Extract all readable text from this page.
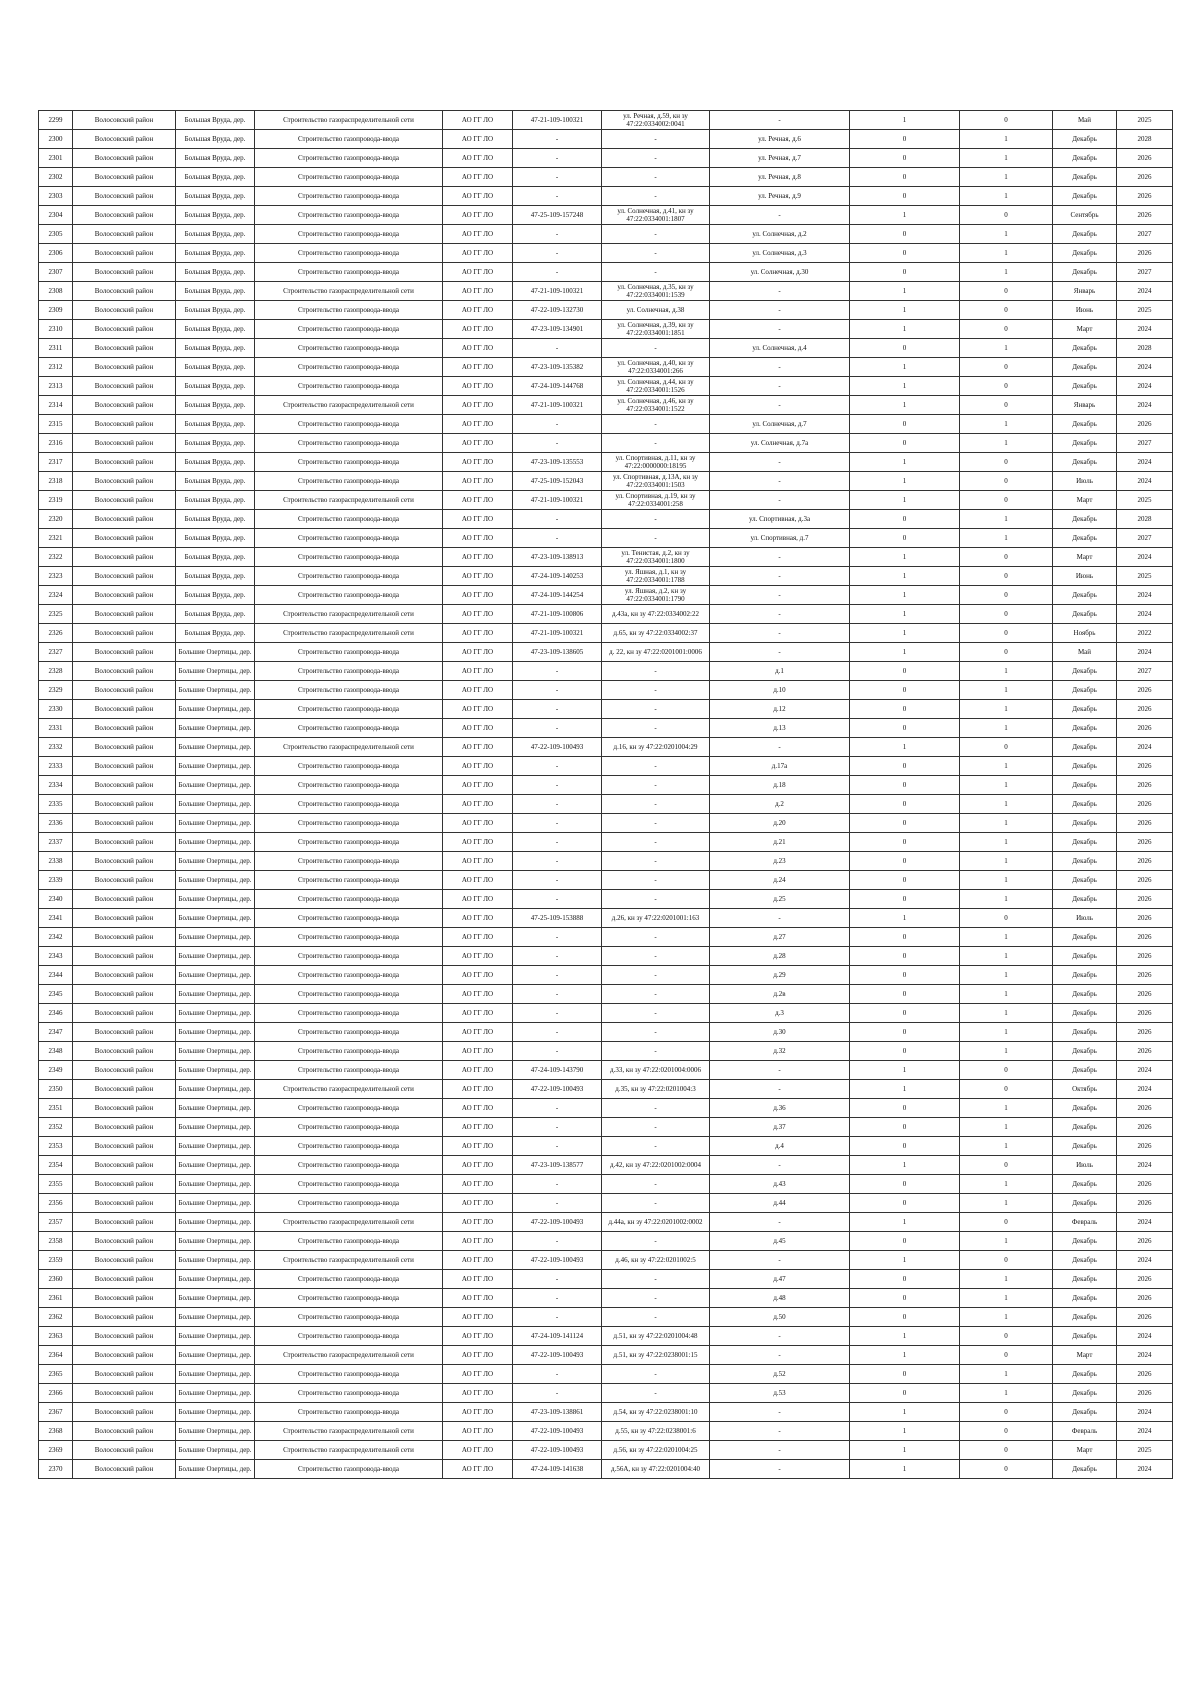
2299	Волосовский район	Большая Вруда, дер.	Строительство газораспределительной сети	АО ГГ ЛО	47-21-109-100321	ул. Речная, д.59, кн зу 47:22:0334002:0041	-	1	0	Май	2025
2300	Волосовский район	Большая Вруда, дер.	Строительство газопровода-ввода	АО ГГ ЛО	-	-	ул. Речная, д.6	0	1	Декабрь	2028
2301	Волосовский район	Большая Вруда, дер.	Строительство газопровода-ввода	АО ГГ ЛО	-	-	ул. Речная, д.7	0	1	Декабрь	2026
2302	Волосовский район	Большая Вруда, дер.	Строительство газопровода-ввода	АО ГГ ЛО	-	-	ул. Речная, д.8	0	1	Декабрь	2026
2303	Волосовский район	Большая Вруда, дер.	Строительство газопровода-ввода	АО ГГ ЛО	-	-	ул. Речная, д.9	0	1	Декабрь	2026
2304	Волосовский район	Большая Вруда, дер.	Строительство газопровода-ввода	АО ГГ ЛО	47-25-109-157248	ул. Солнечная, д.41, кн зу 47:22:0334001:1807	-	1	0	Сентябрь	2026
2305	Волосовский район	Большая Вруда, дер.	Строительство газопровода-ввода	АО ГГ ЛО	-	-	ул. Солнечная, д.2	0	1	Декабрь	2027
2306	Волосовский район	Большая Вруда, дер.	Строительство газопровода-ввода	АО ГГ ЛО	-	-	ул. Солнечная, д.3	0	1	Декабрь	2026
2307	Волосовский район	Большая Вруда, дер.	Строительство газопровода-ввода	АО ГГ ЛО	-	-	ул. Солнечная, д.30	0	1	Декабрь	2027
2308	Волосовский район	Большая Вруда, дер.	Строительство газораспределительной сети	АО ГГ ЛО	47-21-109-100321	ул. Солнечная, д.35, кн зу 47:22:0334001:1539	-	1	0	Январь	2024
2309	Волосовский район	Большая Вруда, дер.	Строительство газопровода-ввода	АО ГГ ЛО	47-22-109-132730	ул. Солнечная, д.38	-	1	0	Июнь	2025
2310	Волосовский район	Большая Вруда, дер.	Строительство газопровода-ввода	АО ГГ ЛО	47-23-109-134901	ул. Солнечная, д.39, кн зу 47:22:0334001:1851	-	1	0	Март	2024
2311	Волосовский район	Большая Вруда, дер.	Строительство газопровода-ввода	АО ГГ ЛО	-	-	ул. Солнечная, д.4	0	1	Декабрь	2028
2312	Волосовский район	Большая Вруда, дер.	Строительство газопровода-ввода	АО ГГ ЛО	47-23-109-135382	ул. Солнечная, д.40, кн зу 47:22:0334001:266	-	1	0	Декабрь	2024
2313	Волосовский район	Большая Вруда, дер.	Строительство газопровода-ввода	АО ГГ ЛО	47-24-109-144768	ул. Солнечная, д.44, кн зу 47:22:0334001:1526	-	1	0	Декабрь	2024
2314	Волосовский район	Большая Вруда, дер.	Строительство газораспределительной сети	АО ГГ ЛО	47-21-109-100321	ул. Солнечная, д.46, кн зу 47:22:0334001:1522	-	1	0	Январь	2024
2315	Волосовский район	Большая Вруда, дер.	Строительство газопровода-ввода	АО ГГ ЛО	-	-	ул. Солнечная, д.7	0	1	Декабрь	2026
2316	Волосовский район	Большая Вруда, дер.	Строительство газопровода-ввода	АО ГГ ЛО	-	-	ул. Солнечная, д.7а	0	1	Декабрь	2027
2317	Волосовский район	Большая Вруда, дер.	Строительство газопровода-ввода	АО ГГ ЛО	47-23-109-135553	ул. Спортивная, д.11, кн зу 47:22:0000000:18195	-	1	0	Декабрь	2024
2318	Волосовский район	Большая Вруда, дер.	Строительство газопровода-ввода	АО ГГ ЛО	47-25-109-152043	ул. Спортивная, д.13А, кн зу 47:22:0334001:1503	-	1	0	Июль	2024
2319	Волосовский район	Большая Вруда, дер.	Строительство газораспределительной сети	АО ГГ ЛО	47-21-109-100321	ул. Спортивная, д.19, кн зу 47:22:0334001:258	-	1	0	Март	2025
2320	Волосовский район	Большая Вруда, дер.	Строительство газопровода-ввода	АО ГГ ЛО	-	-	ул. Спортивная, д.3а	0	1	Декабрь	2028
2321	Волосовский район	Большая Вруда, дер.	Строительство газопровода-ввода	АО ГГ ЛО	-	-	ул. Спортивная, д.7	0	1	Декабрь	2027
2322	Волосовский район	Большая Вруда, дер.	Строительство газопровода-ввода	АО ГГ ЛО	47-23-109-138913	ул. Тенистая, д.2, кн зу 47:22:0334001:1800	-	1	0	Март	2024
2323	Волосовский район	Большая Вруда, дер.	Строительство газопровода-ввода	АО ГГ ЛО	47-24-109-140253	ул. Яшная, д.1, кн зу 47:22:0334001:1788	-	1	0	Июнь	2025
2324	Волосовский район	Большая Вруда, дер.	Строительство газопровода-ввода	АО ГГ ЛО	47-24-109-144254	ул. Яшная, д.2, кн зу 47:22:0334001:1790	-	1	0	Декабрь	2024
2325	Волосовский район	Большая Вруда, дер.	Строительство газораспределительной сети	АО ГГ ЛО	47-21-109-100806	д.43а, кн зу 47:22:0334002:22	-	1	0	Декабрь	2024
2326	Волосовский район	Большая Вруда, дер.	Строительство газораспределительной сети	АО ГГ ЛО	47-21-109-100321	д.65, кн зу 47:22:0334002:37	-	1	0	Ноябрь	2022
2327	Волосовский район	Большие Озертицы, дер.	Строительство газопровода-ввода	АО ГГ ЛО	47-23-109-138605	д. 22, кн зу 47:22:0201001:0006	-	1	0	Май	2024
2328	Волосовский район	Большие Озертицы, дер.	Строительство газопровода-ввода	АО ГГ ЛО	-	-	д.1	0	1	Декабрь	2027
2329	Волосовский район	Большие Озертицы, дер.	Строительство газопровода-ввода	АО ГГ ЛО	-	-	д.10	0	1	Декабрь	2026
2330	Волосовский район	Большие Озертицы, дер.	Строительство газопровода-ввода	АО ГГ ЛО	-	-	д.12	0	1	Декабрь	2026
2331	Волосовский район	Большие Озертицы, дер.	Строительство газопровода-ввода	АО ГГ ЛО	-	-	д.13	0	1	Декабрь	2026
2332	Волосовский район	Большие Озертицы, дер.	Строительство газораспределительной сети	АО ГГ ЛО	47-22-109-100493	д.16, кн зу 47:22:0201004:29	-	1	0	Декабрь	2024
2333	Волосовский район	Большие Озертицы, дер.	Строительство газопровода-ввода	АО ГГ ЛО	-	-	д.17а	0	1	Декабрь	2026
2334	Волосовский район	Большие Озертицы, дер.	Строительство газопровода-ввода	АО ГГ ЛО	-	-	д.18	0	1	Декабрь	2026
2335	Волосовский район	Большие Озертицы, дер.	Строительство газопровода-ввода	АО ГГ ЛО	-	-	д.2	0	1	Декабрь	2026
2336	Волосовский район	Большие Озертицы, дер.	Строительство газопровода-ввода	АО ГГ ЛО	-	-	д.20	0	1	Декабрь	2026
2337	Волосовский район	Большие Озертицы, дер.	Строительство газопровода-ввода	АО ГГ ЛО	-	-	д.21	0	1	Декабрь	2026
2338	Волосовский район	Большие Озертицы, дер.	Строительство газопровода-ввода	АО ГГ ЛО	-	-	д.23	0	1	Декабрь	2026
2339	Волосовский район	Большие Озертицы, дер.	Строительство газопровода-ввода	АО ГГ ЛО	-	-	д.24	0	1	Декабрь	2026
2340	Волосовский район	Большие Озертицы, дер.	Строительство газопровода-ввода	АО ГГ ЛО	-	-	д.25	0	1	Декабрь	2026
2341	Волосовский район	Большие Озертицы, дер.	Строительство газопровода-ввода	АО ГГ ЛО	47-25-109-153888	д.26, кн зу 47:22:0201001:163	-	1	0	Июль	2026
2342	Волосовский район	Большие Озертицы, дер.	Строительство газопровода-ввода	АО ГГ ЛО	-	-	д.27	0	1	Декабрь	2026
2343	Волосовский район	Большие Озертицы, дер.	Строительство газопровода-ввода	АО ГГ ЛО	-	-	д.28	0	1	Декабрь	2026
2344	Волосовский район	Большие Озертицы, дер.	Строительство газопровода-ввода	АО ГГ ЛО	-	-	д.29	0	1	Декабрь	2026
2345	Волосовский район	Большие Озертицы, дер.	Строительство газопровода-ввода	АО ГГ ЛО	-	-	д.2в	0	1	Декабрь	2026
2346	Волосовский район	Большие Озертицы, дер.	Строительство газопровода-ввода	АО ГГ ЛО	-	-	д.3	0	1	Декабрь	2026
2347	Волосовский район	Большие Озертицы, дер.	Строительство газопровода-ввода	АО ГГ ЛО	-	-	д.30	0	1	Декабрь	2026
2348	Волосовский район	Большие Озертицы, дер.	Строительство газопровода-ввода	АО ГГ ЛО	-	-	д.32	0	1	Декабрь	2026
2349	Волосовский район	Большие Озертицы, дер.	Строительство газопровода-ввода	АО ГГ ЛО	47-24-109-143790	д.33, кн зу 47:22:0201004:0006	-	1	0	Декабрь	2024
2350	Волосовский район	Большие Озертицы, дер.	Строительство газораспределительной сети	АО ГГ ЛО	47-22-109-100493	д.35, кн зу 47:22:0201004:3	-	1	0	Октябрь	2024
2351	Волосовский район	Большие Озертицы, дер.	Строительство газопровода-ввода	АО ГГ ЛО	-	-	д.36	0	1	Декабрь	2026
2352	Волосовский район	Большие Озертицы, дер.	Строительство газопровода-ввода	АО ГГ ЛО	-	-	д.37	0	1	Декабрь	2026
2353	Волосовский район	Большие Озертицы, дер.	Строительство газопровода-ввода	АО ГГ ЛО	-	-	д.4	0	1	Декабрь	2026
2354	Волосовский район	Большие Озертицы, дер.	Строительство газопровода-ввода	АО ГГ ЛО	47-23-109-138577	д.42, кн зу 47:22:0201002:0004	-	1	0	Июль	2024
2355	Волосовский район	Большие Озертицы, дер.	Строительство газопровода-ввода	АО ГГ ЛО	-	-	д.43	0	1	Декабрь	2026
2356	Волосовский район	Большие Озертицы, дер.	Строительство газопровода-ввода	АО ГГ ЛО	-	-	д.44	0	1	Декабрь	2026
2357	Волосовский район	Большие Озертицы, дер.	Строительство газораспределительной сети	АО ГГ ЛО	47-22-109-100493	д.44а, кн зу 47:22:0201002:0002	-	1	0	Февраль	2024
2358	Волосовский район	Большие Озертицы, дер.	Строительство газопровода-ввода	АО ГГ ЛО	-	-	д.45	0	1	Декабрь	2026
2359	Волосовский район	Большие Озертицы, дер.	Строительство газораспределительной сети	АО ГГ ЛО	47-22-109-100493	д.46, кн зу 47:22:0201002:5	-	1	0	Декабрь	2024
2360	Волосовский район	Большие Озертицы, дер.	Строительство газопровода-ввода	АО ГГ ЛО	-	-	д.47	0	1	Декабрь	2026
2361	Волосовский район	Большие Озертицы, дер.	Строительство газопровода-ввода	АО ГГ ЛО	-	-	д.48	0	1	Декабрь	2026
2362	Волосовский район	Большие Озертицы, дер.	Строительство газопровода-ввода	АО ГГ ЛО	-	-	д.50	0	1	Декабрь	2026
2363	Волосовский район	Большие Озертицы, дер.	Строительство газопровода-ввода	АО ГГ ЛО	47-24-109-141124	д.51, кн зу 47:22:0201004:48	-	1	0	Декабрь	2024
2364	Волосовский район	Большие Озертицы, дер.	Строительство газораспределительной сети	АО ГГ ЛО	47-22-109-100493	д.51, кн зу 47:22:0238001:15	-	1	0	Март	2024
2365	Волосовский район	Большие Озертицы, дер.	Строительство газопровода-ввода	АО ГГ ЛО	-	-	д.52	0	1	Декабрь	2026
2366	Волосовский район	Большие Озертицы, дер.	Строительство газопровода-ввода	АО ГГ ЛО	-	-	д.53	0	1	Декабрь	2026
2367	Волосовский район	Большие Озертицы, дер.	Строительство газопровода-ввода	АО ГГ ЛО	47-23-109-138861	д.54, кн зу 47:22:0238001:10	-	1	0	Декабрь	2024
2368	Волосовский район	Большие Озертицы, дер.	Строительство газораспределительной сети	АО ГГ ЛО	47-22-109-100493	д.55, кн зу 47:22:0238001:6	-	1	0	Февраль	2024
2369	Волосовский район	Большие Озертицы, дер.	Строительство газораспределительной сети	АО ГГ ЛО	47-22-109-100493	д.56, кн зу 47:22:0201004:25	-	1	0	Март	2025
2370	Волосовский район	Большие Озертицы, дер.	Строительство газопровода-ввода	АО ГГ ЛО	47-24-109-141638	д.56А, кн зу 47:22:0201004:40	-	1	0	Декабрь	2024
